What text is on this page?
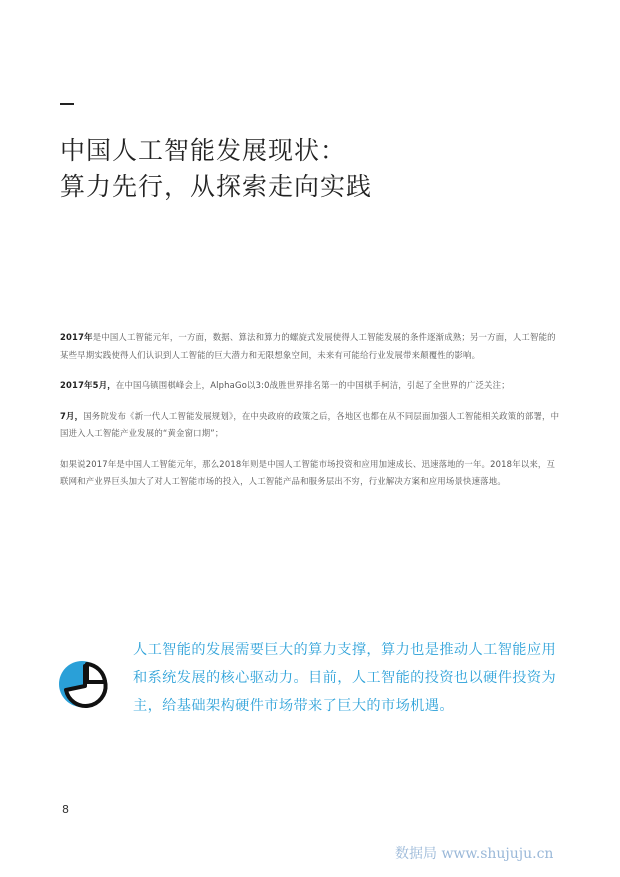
中国人工智能发展现状：
算力先行，从探索走向实践

2017年是中国人工智能元年，一方面，数据、算法和算力的螺旋式发展使得人工智能发展的条件逐渐成熟；另一方面，人工智能的某些早期实践使得人们认识到人工智能的巨大潜力和无限想象空间，未来有可能给行业发展带来颠覆性的影响。

2017年5月，在中国乌镇围棋峰会上，AlphaGo以3:0战胜世界排名第一的中国棋手柯洁，引起了全世界的广泛关注；

7月，国务院发布《新一代人工智能发展规划》，在中央政府的政策之后，各地区也都在从不同层面加强人工智能相关政策的部署，中国进入人工智能产业发展的“黄金窗口期”；

如果说2017年是中国人工智能元年，那么2018年则是中国人工智能市场投资和应用加速成长、迅速落地的一年。2018年以来，互联网和产业界巨头加大了对人工智能市场的投入，人工智能产品和服务层出不穷，行业解决方案和应用场景快速落地。

人工智能的发展需要巨大的算力支撑，算力也是推动人工智能应用和系统发展的核心驱动力。目前，人工智能的投资也以硬件投资为主，给基础架构硬件市场带来了巨大的市场机遇。
8
数据局 www.shujuju.cn
